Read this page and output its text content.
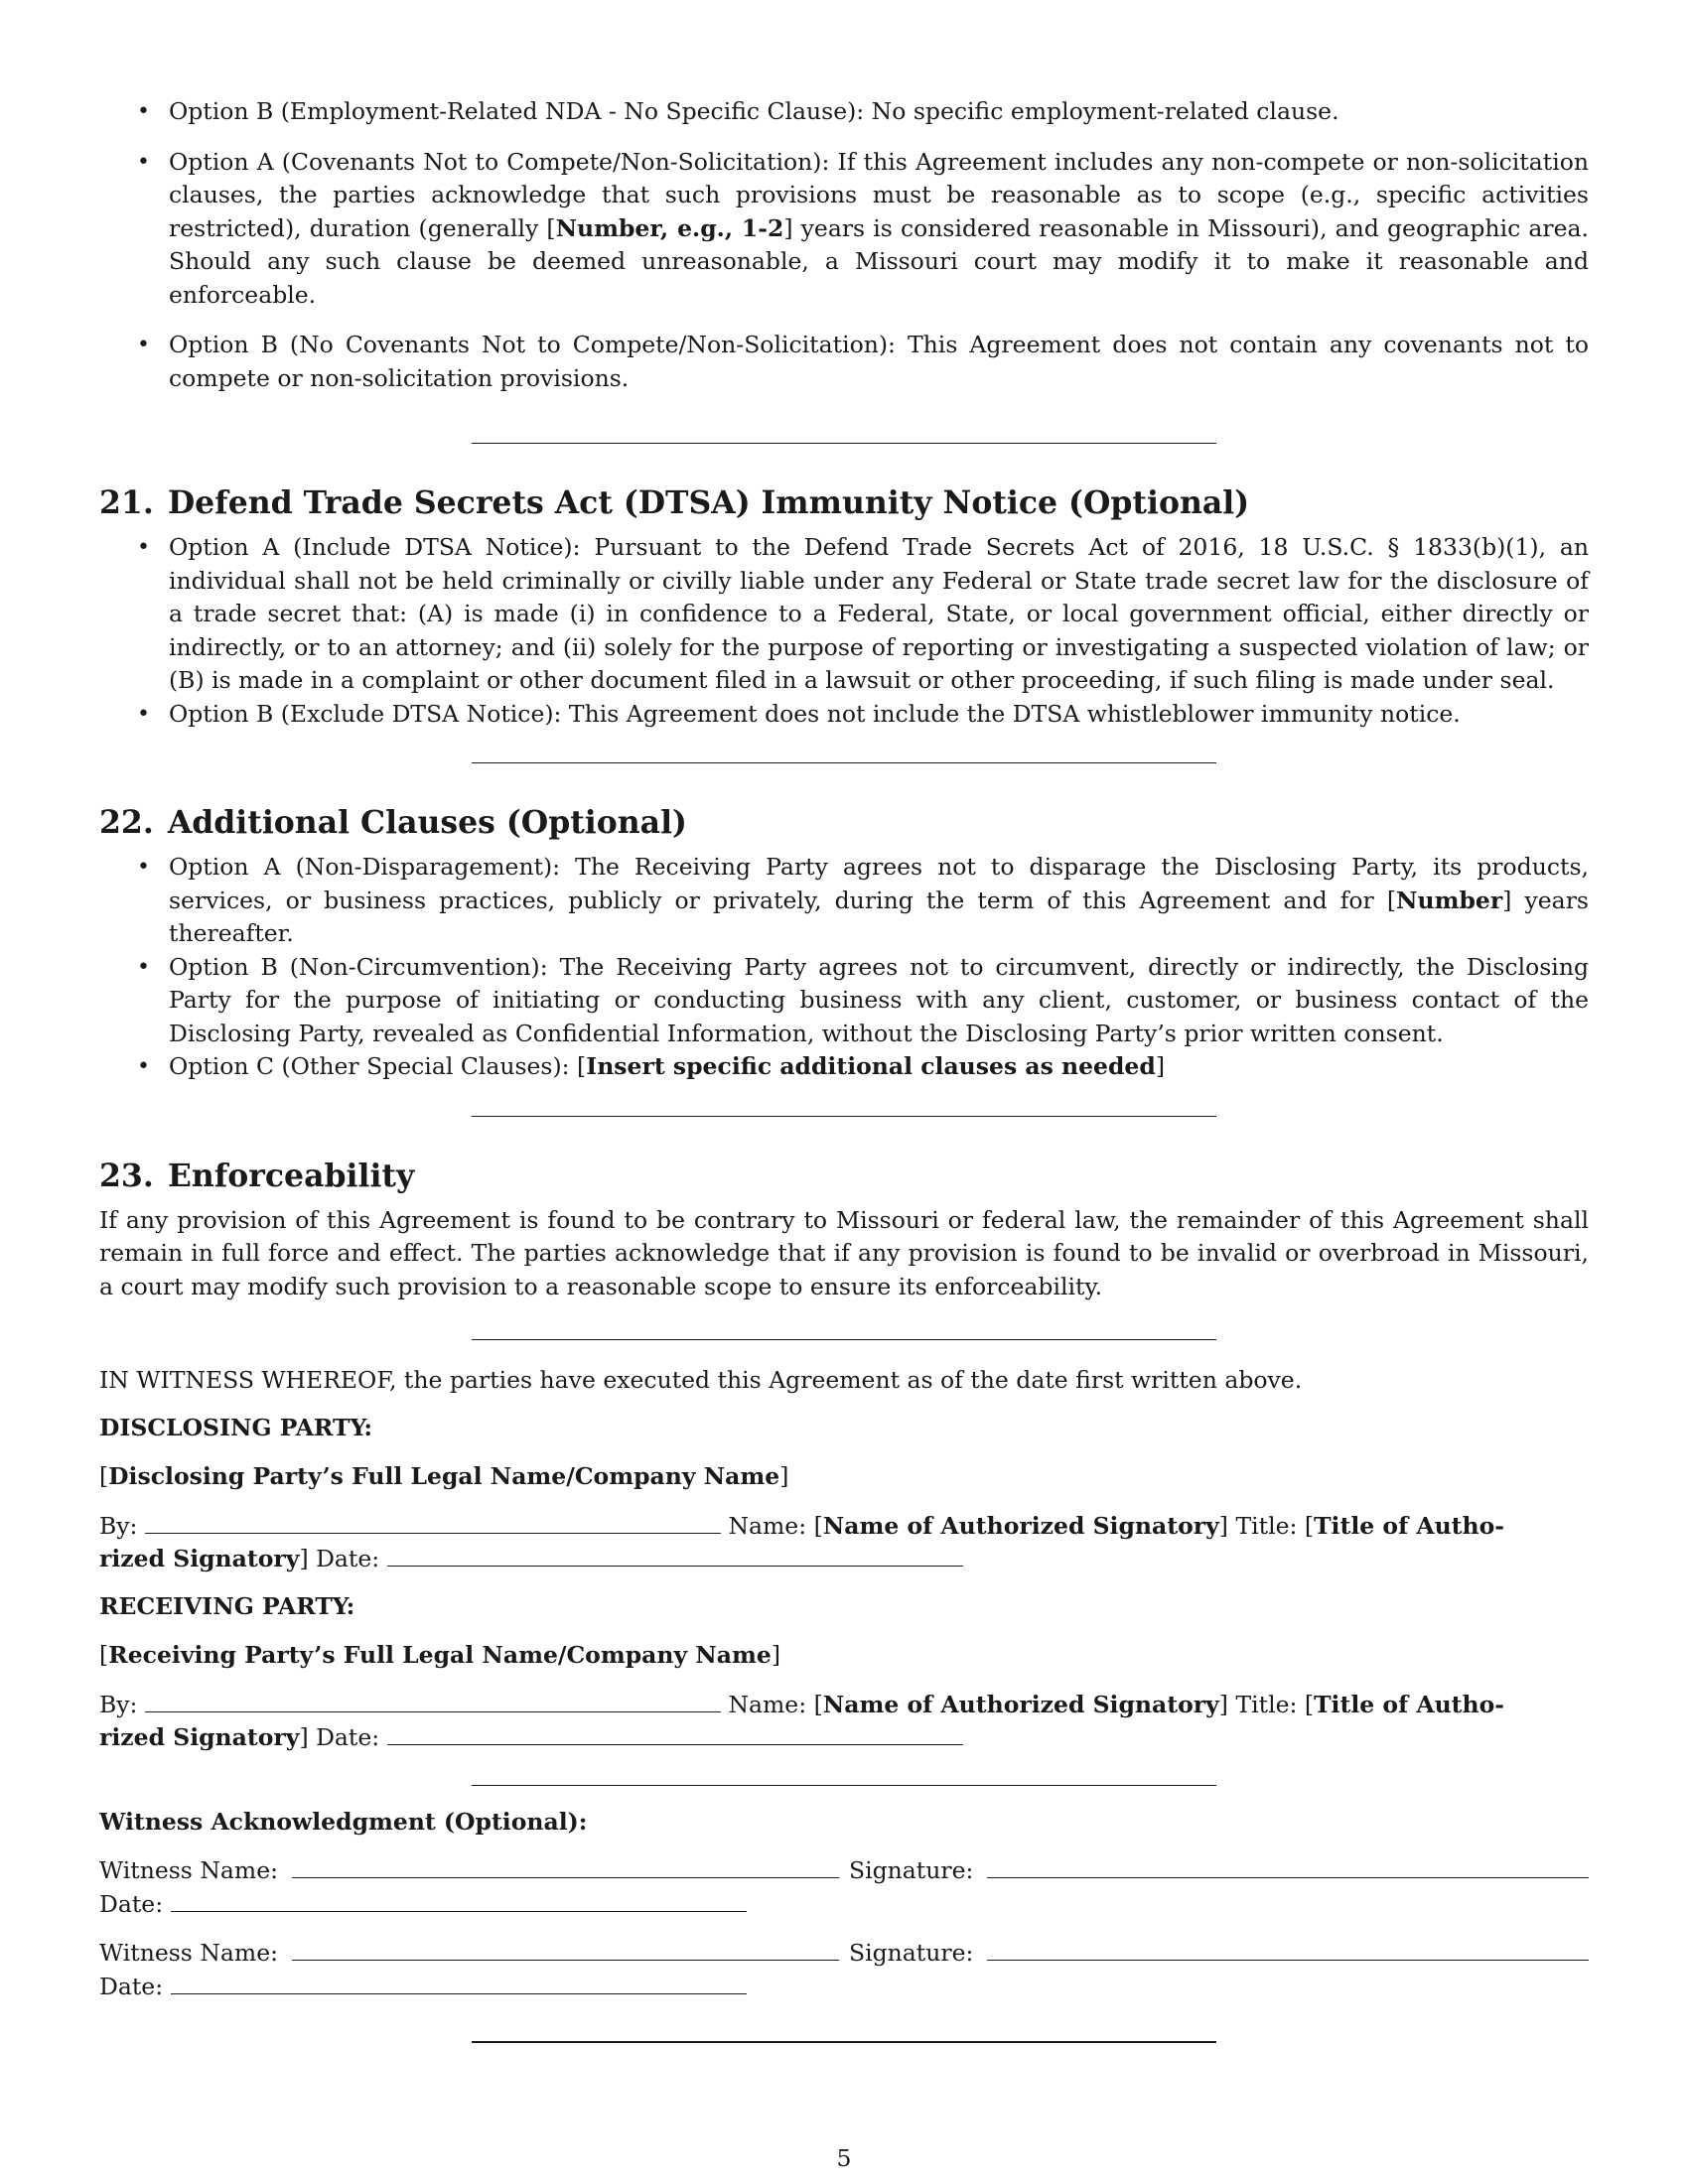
• Option B (Employment-Related NDA - No Specific Clause): No specific employment-related clause.
• Option A (Covenants Not to Compete/Non-Solicitation): If this Agreement includes any non-compete or non-solicitation clauses, the parties acknowledge that such provisions must be reasonable as to scope (e.g., specific activities restricted), duration (generally [Number, e.g., 1-2] years is considered reasonable in Missouri), and geographic area. Should any such clause be deemed unreasonable, a Missouri court may modify it to make it reasonable and enforceable.
• Option B (No Covenants Not to Compete/Non-Solicitation): This Agreement does not contain any covenants not to compete or non-solicitation provisions.
21. Defend Trade Secrets Act (DTSA) Immunity Notice (Optional)
• Option A (Include DTSA Notice): Pursuant to the Defend Trade Secrets Act of 2016, 18 U.S.C. § 1833(b)(1), an individual shall not be held criminally or civilly liable under any Federal or State trade secret law for the disclosure of a trade secret that: (A) is made (i) in confidence to a Federal, State, or local government official, either directly or indirectly, or to an attorney; and (ii) solely for the purpose of reporting or investigating a suspected violation of law; or (B) is made in a complaint or other document filed in a lawsuit or other proceeding, if such filing is made under seal.
• Option B (Exclude DTSA Notice): This Agreement does not include the DTSA whistleblower immunity notice.
22. Additional Clauses (Optional)
• Option A (Non-Disparagement): The Receiving Party agrees not to disparage the Disclosing Party, its products, services, or business practices, publicly or privately, during the term of this Agreement and for [Number] years thereafter.
• Option B (Non-Circumvention): The Receiving Party agrees not to circumvent, directly or indirectly, the Disclosing Party for the purpose of initiating or conducting business with any client, customer, or business contact of the Disclosing Party, revealed as Confidential Information, without the Disclosing Party’s prior written consent.
• Option C (Other Special Clauses): [Insert specific additional clauses as needed]
23. Enforceability
If any provision of this Agreement is found to be contrary to Missouri or federal law, the remainder of this Agreement shall remain in full force and effect. The parties acknowledge that if any provision is found to be invalid or overbroad in Missouri, a court may modify such provision to a reasonable scope to ensure its enforceability.
IN WITNESS WHEREOF, the parties have executed this Agreement as of the date first written above.
DISCLOSING PARTY:
[Disclosing Party’s Full Legal Name/Company Name]
By:	Name: [Name of Authorized Signatory] Title: [Title of Autho-
rized Signatory] Date:
RECEIVING PARTY:
[Receiving Party’s Full Legal Name/Company Name]
By:	Name: [Name of Authorized Signatory] Title: [Title of Autho-
rized Signatory] Date:
Witness Acknowledgment (Optional):
Witness Name:	Signature:
Date:
Witness Name:	Signature:
Date:
5
